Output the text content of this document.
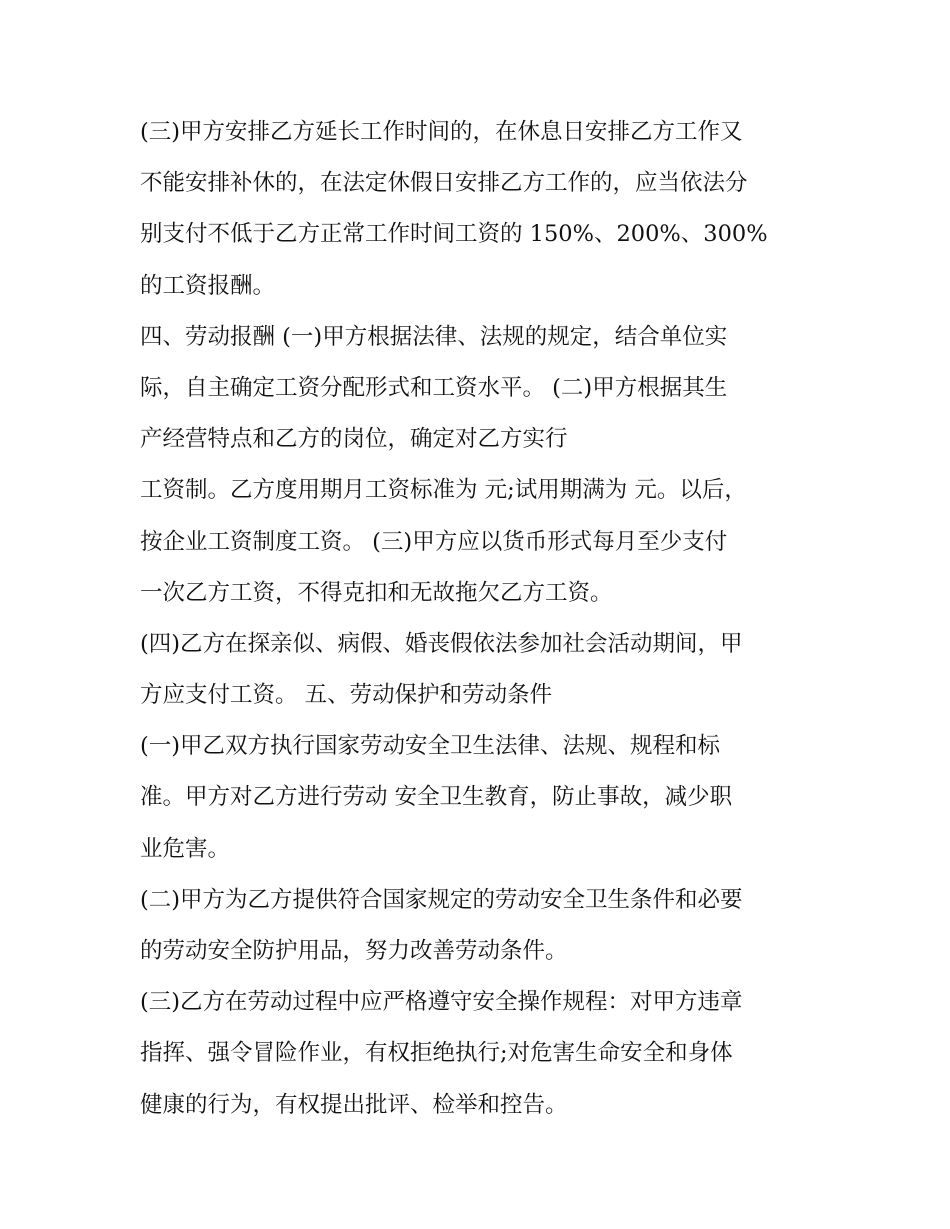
(三)甲方安排乙方延长工作时间的，在休息日安排乙方工作又
不能安排补休的，在法定休假日安排乙方工作的，应当依法分
别支付不低于乙方正常工作时间工资的 150%、200%、300%
的工资报酬。
四、劳动报酬 (一)甲方根据法律、法规的规定，结合单位实
际，自主确定工资分配形式和工资水平。 (二)甲方根据其生
产经营特点和乙方的岗位，确定对乙方实行
工资制。乙方度用期月工资标准为 元;试用期满为 元。以后，
按企业工资制度工资。 (三)甲方应以货币形式每月至少支付
一次乙方工资，不得克扣和无故拖欠乙方工资。
(四)乙方在探亲似、病假、婚丧假依法参加社会活动期间，甲
方应支付工资。 五、劳动保护和劳动条件
(一)甲乙双方执行国家劳动安全卫生法律、法规、规程和标
准。甲方对乙方进行劳动 安全卫生教育，防止事故，减少职
业危害。
(二)甲方为乙方提供符合国家规定的劳动安全卫生条件和必要
的劳动安全防护用品，努力改善劳动条件。
(三)乙方在劳动过程中应严格遵守安全操作规程：对甲方违章
指挥、强令冒险作业，有权拒绝执行;对危害生命安全和身体
健康的行为，有权提出批评、检举和控告。
